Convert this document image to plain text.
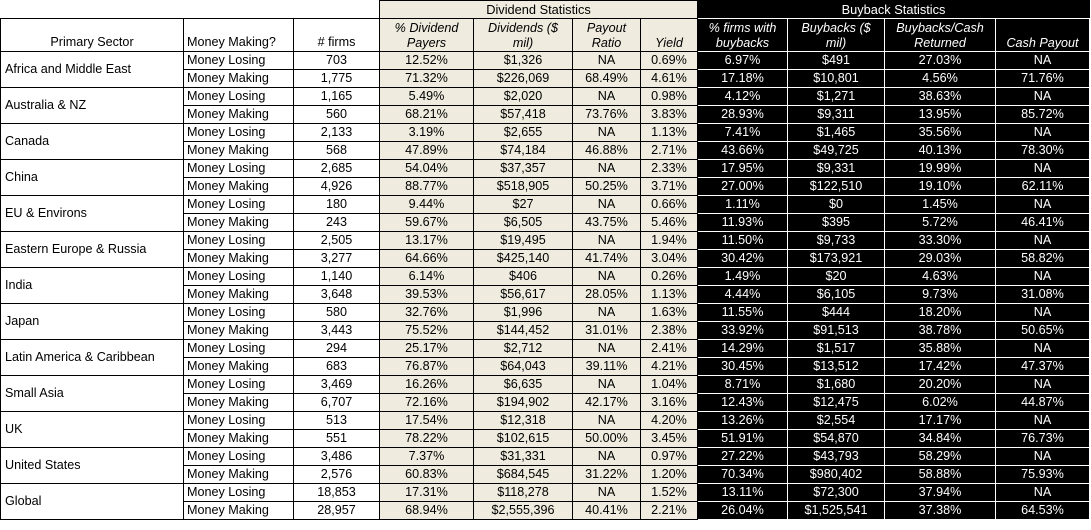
			Dividend Statistics				Buyback Statistics			
Primary Sector	Money Making?	# firms	% Dividend Payers	Dividends ($ mil)	Payout Ratio	Yield	% firms with buybacks	Buybacks ($ mil)	Buybacks/Cash Returned	Cash Payout
Africa and Middle East	Money Losing	703	12.52%	$1,326	NA	0.69%	6.97%	$491	27.03%	NA
	Money Making	1,775	71.32%	$226,069	68.49%	4.61%	17.18%	$10,801	4.56%	71.76%
Australia & NZ	Money Losing	1,165	5.49%	$2,020	NA	0.98%	4.12%	$1,271	38.63%	NA
	Money Making	560	68.21%	$57,418	73.76%	3.83%	28.93%	$9,311	13.95%	85.72%
Canada	Money Losing	2,133	3.19%	$2,655	NA	1.13%	7.41%	$1,465	35.56%	NA
	Money Making	568	47.89%	$74,184	46.88%	2.71%	43.66%	$49,725	40.13%	78.30%
China	Money Losing	2,685	54.04%	$37,357	NA	2.33%	17.95%	$9,331	19.99%	NA
	Money Making	4,926	88.77%	$518,905	50.25%	3.71%	27.00%	$122,510	19.10%	62.11%
EU & Environs	Money Losing	180	9.44%	$27	NA	0.66%	1.11%	$0	1.45%	NA
	Money Making	243	59.67%	$6,505	43.75%	5.46%	11.93%	$395	5.72%	46.41%
Eastern Europe & Russia	Money Losing	2,505	13.17%	$19,495	NA	1.94%	11.50%	$9,733	33.30%	NA
	Money Making	3,277	64.66%	$425,140	41.74%	3.04%	30.42%	$173,921	29.03%	58.82%
India	Money Losing	1,140	6.14%	$406	NA	0.26%	1.49%	$20	4.63%	NA
	Money Making	3,648	39.53%	$56,617	28.05%	1.13%	4.44%	$6,105	9.73%	31.08%
Japan	Money Losing	580	32.76%	$1,996	NA	1.63%	11.55%	$444	18.20%	NA
	Money Making	3,443	75.52%	$144,452	31.01%	2.38%	33.92%	$91,513	38.78%	50.65%
Latin America & Caribbean	Money Losing	294	25.17%	$2,712	NA	2.41%	14.29%	$1,517	35.88%	NA
	Money Making	683	76.87%	$64,043	39.11%	4.21%	30.45%	$13,512	17.42%	47.37%
Small Asia	Money Losing	3,469	16.26%	$6,635	NA	1.04%	8.71%	$1,680	20.20%	NA
	Money Making	6,707	72.16%	$194,902	42.17%	3.16%	12.43%	$12,475	6.02%	44.87%
UK	Money Losing	513	17.54%	$12,318	NA	4.20%	13.26%	$2,554	17.17%	NA
	Money Making	551	78.22%	$102,615	50.00%	3.45%	51.91%	$54,870	34.84%	76.73%
United States	Money Losing	3,486	7.37%	$31,331	NA	0.97%	27.22%	$43,793	58.29%	NA
	Money Making	2,576	60.83%	$684,545	31.22%	1.20%	70.34%	$980,402	58.88%	75.93%
Global	Money Losing	18,853	17.31%	$118,278	NA	1.52%	13.11%	$72,300	37.94%	NA
	Money Making	28,957	68.94%	$2,555,396	40.41%	2.21%	26.04%	$1,525,541	37.38%	64.53%
